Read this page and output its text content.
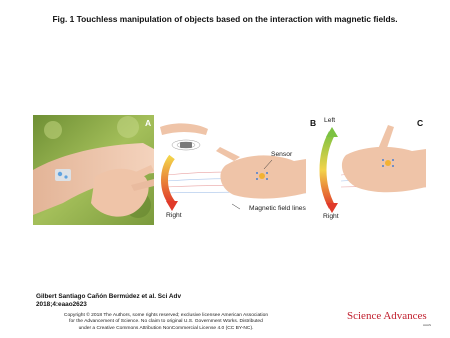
Fig. 1 Touchless manipulation of objects based on the interaction with magnetic fields.
A	B	C
Sensor
Magnetic field lines
Right
Left
Right
Gilbert Santiago Cañón Bermúdez et al. Sci Adv
2018;4:eaao2623
Copyright © 2018 The Authors, some rights reserved; exclusive licensee American Association
for the Advancement of Science. No claim to original U.S. Government Works. Distributed
under a Creative Commons Attribution NonCommercial License 4.0 (CC BY-NC).
Science Advances
AAAS
